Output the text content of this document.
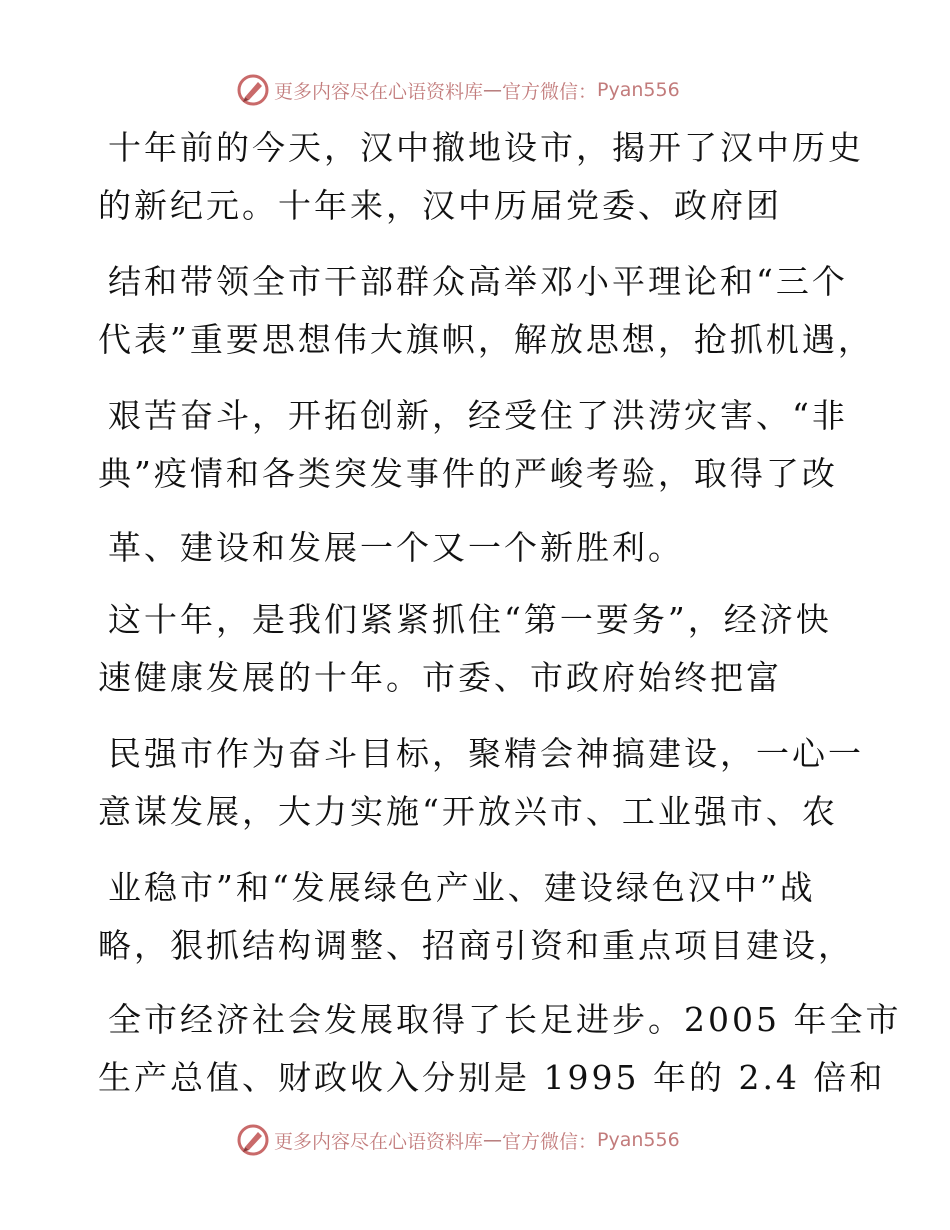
更多内容尽在心语资料库 — 官方微信： Pyan556
十年前的今天，汉中撤地设市，揭开了汉中历史
的新纪元。十年来，汉中历届党委、政府团
结和带领全市干部群众高举邓小平理论和“三个
代表”重要思想伟大旗帜，解放思想，抢抓机遇，
艰苦奋斗，开拓创新，经受住了洪涝灾害、“非
典”疫情和各类突发事件的严峻考验，取得了改
革、建设和发展一个又一个新胜利。
这十年，是我们紧紧抓住“第一要务”，经济快
速健康发展的十年。市委、市政府始终把富
民强市作为奋斗目标，聚精会神搞建设，一心一
意谋发展，大力实施“开放兴市、工业强市、农
业稳市”和“发展绿色产业、建设绿色汉中”战
略，狠抓结构调整、招商引资和重点项目建设，
全市经济社会发展取得了长足进步。2005 年全市
生产总值、财政收入分别是 1995 年的 2.4 倍和
更多内容尽在心语资料库 — 官方微信： Pyan556
